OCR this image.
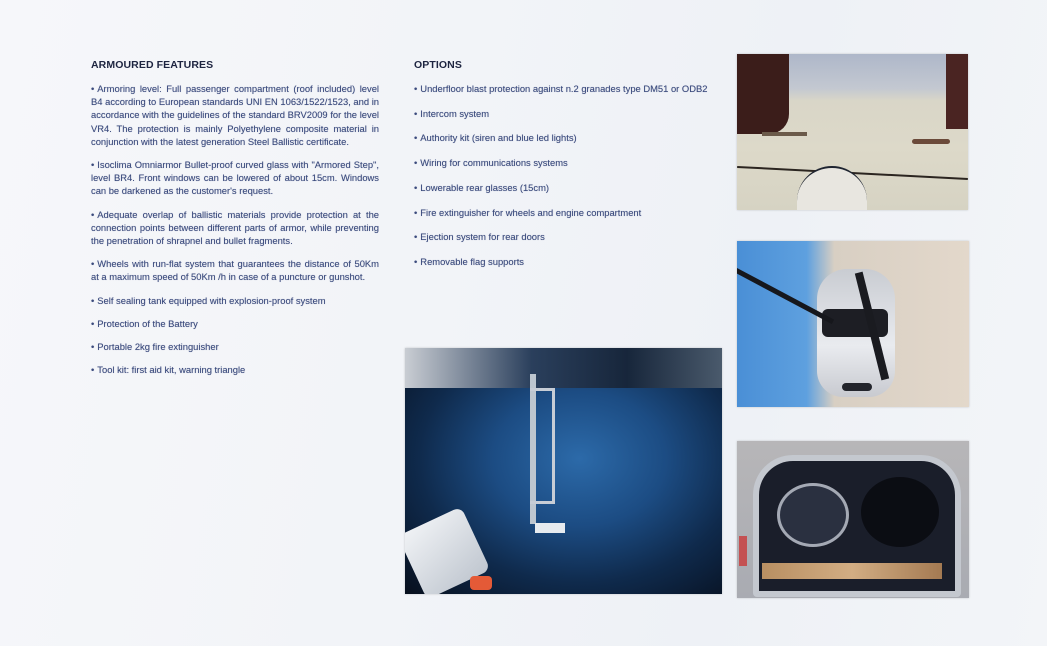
ARMOURED FEATURES

• Armoring level: Full passenger compartment (roof included) level B4 according to European standards UNI EN 1063/1522/1523, and in accordance with the guidelines of the standard BRV2009 for the level VR4. The protection is mainly Polyethylene composite material in conjunction with the latest generation Steel Ballistic certificate.

• Isoclima Omniarmor Bullet-proof curved glass with "Armored Step", level BR4. Front windows can be lowered of about 15cm. Windows can be darkened as the customer's request.

• Adequate overlap of ballistic materials provide protection at the connection points between different parts of armor, while preventing the penetration of shrapnel and bullet fragments.

• Wheels with run-flat system that guarantees the distance of 50Km at a maximum speed of 50Km /h in case of a puncture or gunshot.

• Self sealing tank equipped with explosion-proof system

• Protection of the Battery

• Portable 2kg fire extinguisher

• Tool kit: first aid kit, warning triangle

OPTIONS

• Underfloor blast protection against n.2 granades type DM51 or ODB2

• Intercom system

• Authority kit (siren and blue led lights)

• Wiring for communications systems

• Lowerable rear glasses (15cm)

• Fire extinguisher for wheels and engine compartment

• Ejection system for rear doors

• Removable flag supports
